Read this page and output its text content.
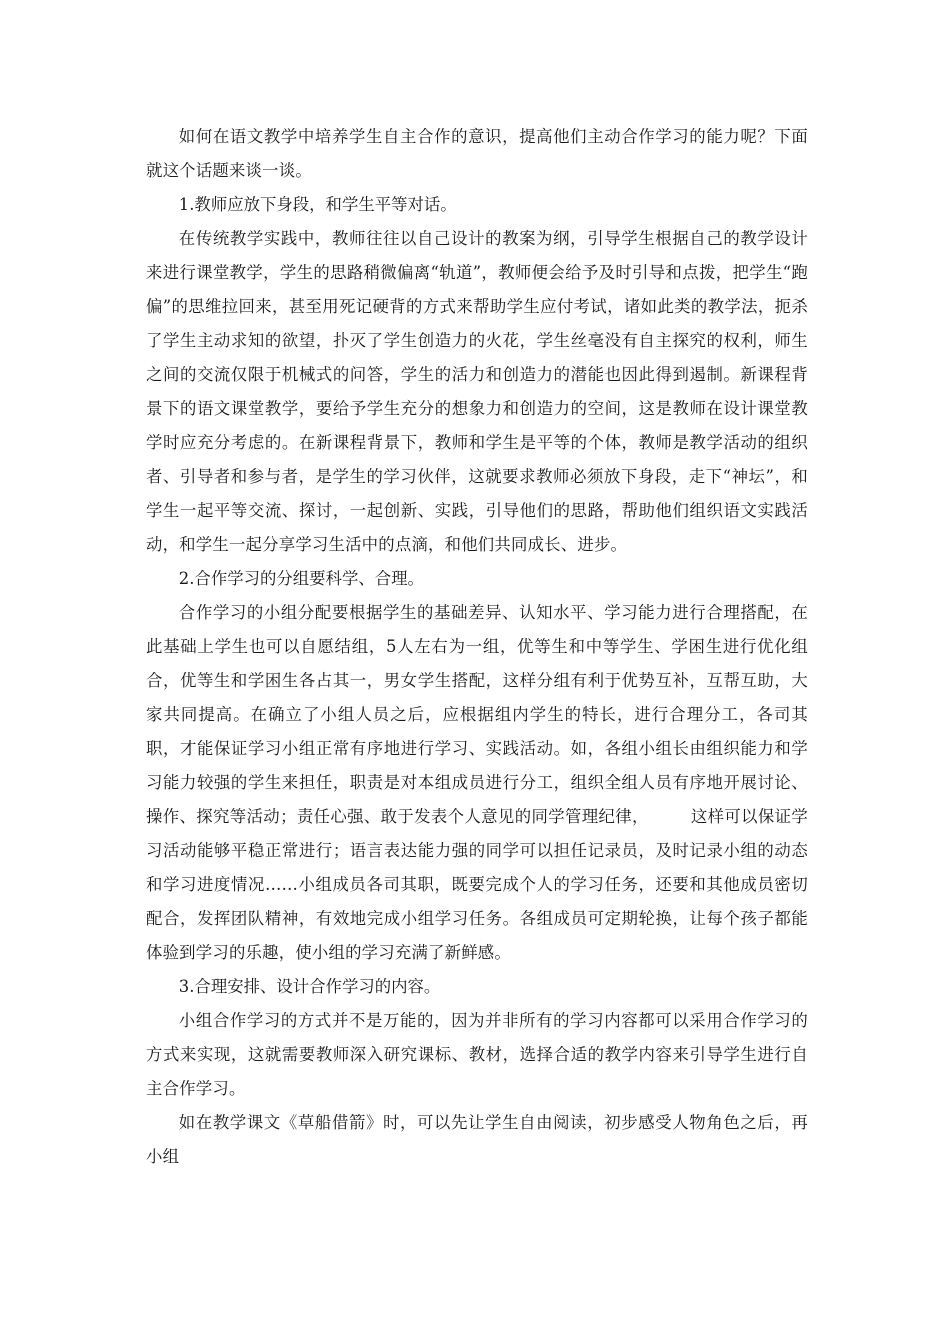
如何在语文教学中培养学生自主合作的意识，提高他们主动合作学习的能力呢？下面就这个话题来谈一谈。

1.教师应放下身段，和学生平等对话。

在传统教学实践中，教师往往以自己设计的教案为纲，引导学生根据自己的教学设计来进行课堂教学，学生的思路稍微偏离“轨道”，教师便会给予及时引导和点拨，把学生“跑偏”的思维拉回来，甚至用死记硬背的方式来帮助学生应付考试，诸如此类的教学法，扼杀了学生主动求知的欲望，扑灭了学生创造力的火花，学生丝毫没有自主探究的权利，师生之间的交流仅限于机械式的问答，学生的活力和创造力的潜能也因此得到遏制。新课程背景下的语文课堂教学，要给予学生充分的想象力和创造力的空间，这是教师在设计课堂教学时应充分考虑的。在新课程背景下，教师和学生是平等的个体，教师是教学活动的组织者、引导者和参与者，是学生的学习伙伴，这就要求教师必须放下身段，走下“神坛”，和学生一起平等交流、探讨，一起创新、实践，引导他们的思路，帮助他们组织语文实践活动，和学生一起分享学习生活中的点滴，和他们共同成长、进步。

2.合作学习的分组要科学、合理。

合作学习的小组分配要根据学生的基础差异、认知水平、学习能力进行合理搭配，在此基础上学生也可以自愿结组，5人左右为一组，优等生和中等学生、学困生进行优化组合，优等生和学困生各占其一，男女学生搭配，这样分组有利于优势互补，互帮互助，大家共同提高。在确立了小组人员之后，应根据组内学生的特长，进行合理分工，各司其职，才能保证学习小组正常有序地进行学习、实践活动。如，各组小组长由组织能力和学习能力较强的学生来担任，职责是对本组成员进行分工，组织全组人员有序地开展讨论、操作、探究等活动；责任心强、敢于发表个人意见的同学管理纪律，　　　这样可以保证学习活动能够平稳正常进行；语言表达能力强的同学可以担任记录员，及时记录小组的动态和学习进度情况……小组成员各司其职，既要完成个人的学习任务，还要和其他成员密切配合，发挥团队精神，有效地完成小组学习任务。各组成员可定期轮换，让每个孩子都能体验到学习的乐趣，使小组的学习充满了新鲜感。

3.合理安排、设计合作学习的内容。

小组合作学习的方式并不是万能的，因为并非所有的学习内容都可以采用合作学习的方式来实现，这就需要教师深入研究课标、教材，选择合适的教学内容来引导学生进行自主合作学习。

如在教学课文《草船借箭》时，可以先让学生自由阅读，初步感受人物角色之后，再小组
